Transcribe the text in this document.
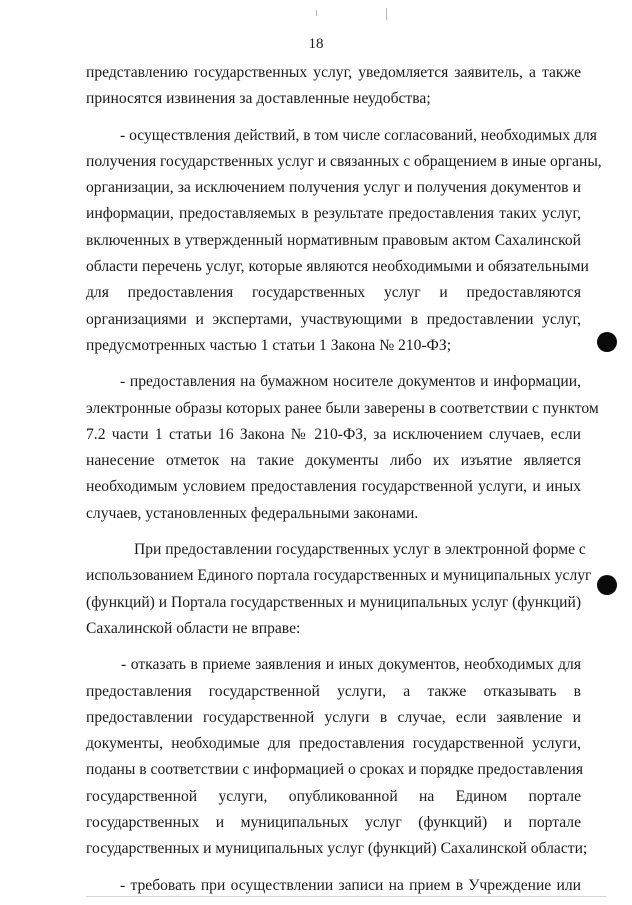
18
представлению государственных услуг, уведомляется заявитель, а также
приносятся извинения за доставленные неудобства;
- осуществления действий, в том числе согласований, необходимых для
получения государственных услуг и связанных с обращением в иные органы,
организации, за исключением получения услуг и получения документов и
информации, предоставляемых в результате предоставления таких услуг,
включенных в утвержденный нормативным правовым актом Сахалинской
области перечень услуг, которые являются необходимыми и обязательными
для предоставления государственных услуг и предоставляются
организациями и экспертами, участвующими в предоставлении услуг,
предусмотренных частью 1 статьи 1 Закона № 210-ФЗ;
- предоставления на бумажном носителе документов и информации,
электронные образы которых ранее были заверены в соответствии с пунктом
7.2 части 1 статьи 16 Закона № 210-ФЗ, за исключением случаев, если
нанесение отметок на такие документы либо их изъятие является
необходимым условием предоставления государственной услуги, и иных
случаев, установленных федеральными законами.
При предоставлении государственных услуг в электронной форме с
использованием Единого портала государственных и муниципальных услуг
(функций) и Портала государственных и муниципальных услуг (функций)
Сахалинской области не вправе:
- отказать в приеме заявления и иных документов, необходимых для
предоставления государственной услуги, а также отказывать в
предоставлении государственной услуги в случае, если заявление и
документы, необходимые для предоставления государственной услуги,
поданы в соответствии с информацией о сроках и порядке предоставления
государственной услуги, опубликованной на Едином портале
государственных и муниципальных услуг (функций) и портале
государственных и муниципальных услуг (функций) Сахалинской области;
- требовать при осуществлении записи на прием в Учреждение или
